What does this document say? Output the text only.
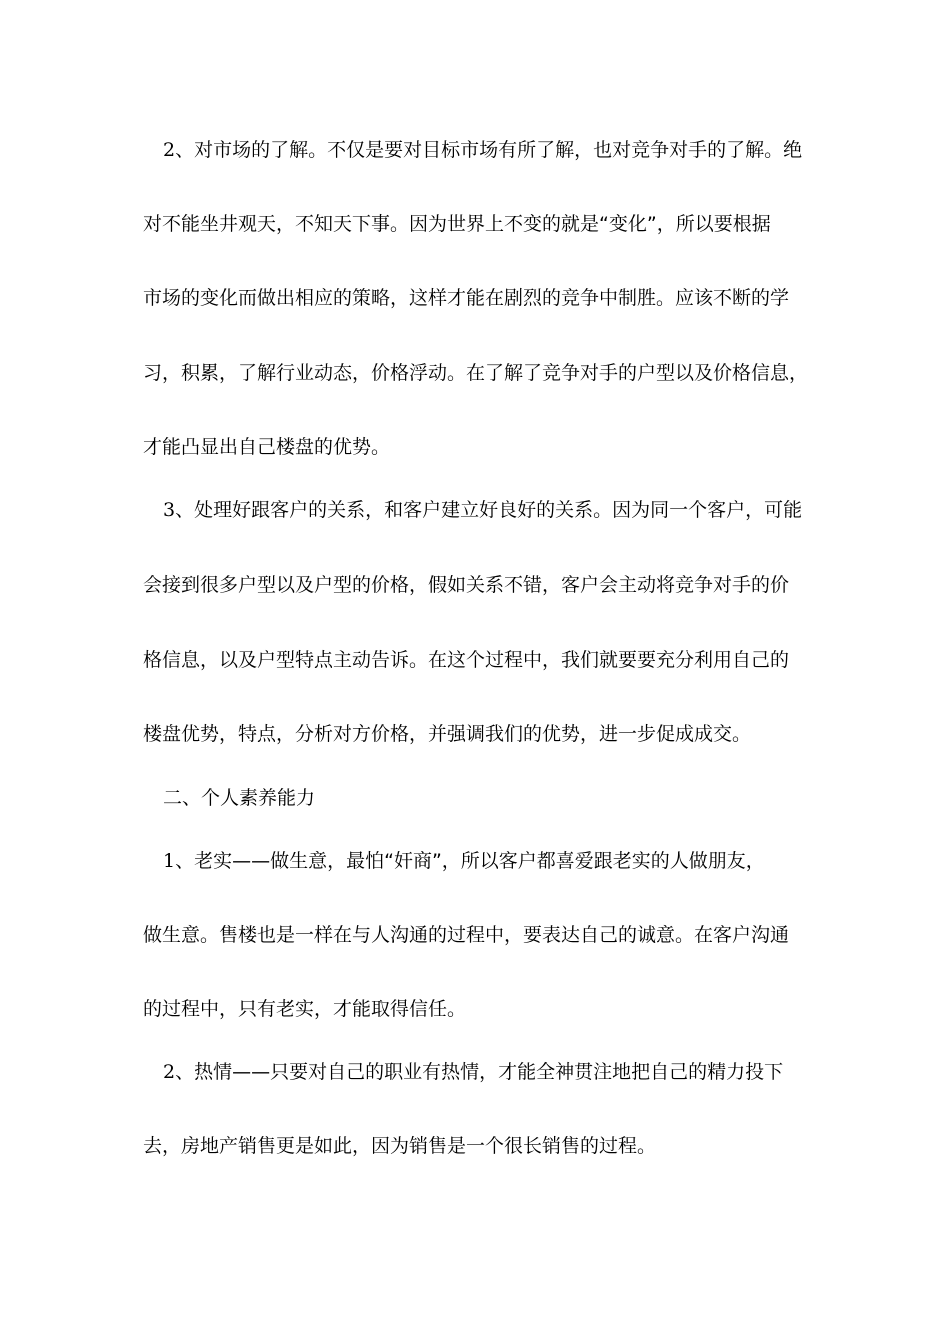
2、对市场的了解。不仅是要对目标市场有所了解，也对竞争对手的了解。绝

对不能坐井观天，不知天下事。因为世界上不变的就是“变化”，所以要根据

市场的变化而做出相应的策略，这样才能在剧烈的竞争中制胜。应该不断的学

习，积累，了解行业动态，价格浮动。在了解了竞争对手的户型以及价格信息，

才能凸显出自己楼盘的优势。

3、处理好跟客户的关系，和客户建立好良好的关系。因为同一个客户，可能

会接到很多户型以及户型的价格，假如关系不错，客户会主动将竞争对手的价

格信息，以及户型特点主动告诉。在这个过程中，我们就要要充分利用自己的

楼盘优势，特点，分析对方价格，并强调我们的优势，进一步促成成交。

二、个人素养能力

1、老实——做生意，最怕“奸商”，所以客户都喜爱跟老实的人做朋友，

做生意。售楼也是一样在与人沟通的过程中，要表达自己的诚意。在客户沟通

的过程中，只有老实，才能取得信任。

2、热情——只要对自己的职业有热情，才能全神贯注地把自己的精力投下

去，房地产销售更是如此，因为销售是一个很长销售的过程。
